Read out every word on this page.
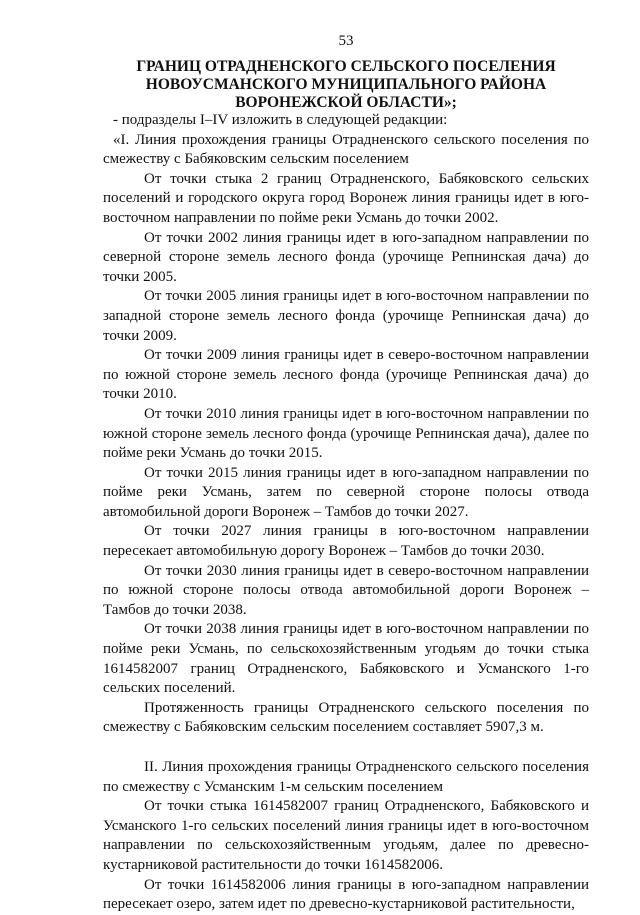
53
ГРАНИЦ ОТРАДНЕНСКОГО СЕЛЬСКОГО ПОСЕЛЕНИЯ НОВОУСМАНСКОГО МУНИЦИПАЛЬНОГО РАЙОНА ВОРОНЕЖСКОЙ ОБЛАСТИ»;

- подразделы I–IV изложить в следующей редакции:

«I. Линия прохождения границы Отрадненского сельского поселения по смежеству с Бабяковским сельским поселением

От точки стыка 2 границ Отрадненского, Бабяковского сельских поселений и городского округа город Воронеж линия границы идет в юго-восточном направлении по пойме реки Усмань до точки 2002.

От точки 2002 линия границы идет в юго-западном направлении по северной стороне земель лесного фонда (урочище Репнинская дача) до точки 2005.

От точки 2005 линия границы идет в юго-восточном направлении по западной стороне земель лесного фонда (урочище Репнинская дача) до точки 2009.

От точки 2009 линия границы идет в северо-восточном направлении по южной стороне земель лесного фонда (урочище Репнинская дача) до точки 2010.

От точки 2010 линия границы идет в юго-восточном направлении по южной стороне земель лесного фонда (урочище Репнинская дача), далее по пойме реки Усмань до точки 2015.

От точки 2015 линия границы идет в юго-западном направлении по пойме реки Усмань, затем по северной стороне полосы отвода автомобильной дороги Воронеж – Тамбов до точки 2027.

От точки 2027 линия границы в юго-восточном направлении пересекает автомобильную дорогу Воронеж – Тамбов до точки 2030.

От точки 2030 линия границы идет в северо-восточном направлении по южной стороне полосы отвода автомобильной дороги Воронеж – Тамбов до точки 2038.

От точки 2038 линия границы идет в юго-восточном направлении по пойме реки Усмань, по сельскохозяйственным угодьям до точки стыка 1614582007 границ Отрадненского, Бабяковского и Усманского 1-го сельских поселений.

Протяженность границы Отрадненского сельского поселения по смежеству с Бабяковским сельским поселением составляет 5907,3 м.

II. Линия прохождения границы Отрадненского сельского поселения по смежеству с Усманским 1-м сельским поселением

От точки стыка 1614582007 границ Отрадненского, Бабяковского и Усманского 1-го сельских поселений линия границы идет в юго-восточном направлении по сельскохозяйственным угодьям, далее по древесно-кустарниковой растительности до точки 1614582006.

От точки 1614582006 линия границы в юго-западном направлении пересекает озеро, затем идет по древесно-кустарниковой растительности,
